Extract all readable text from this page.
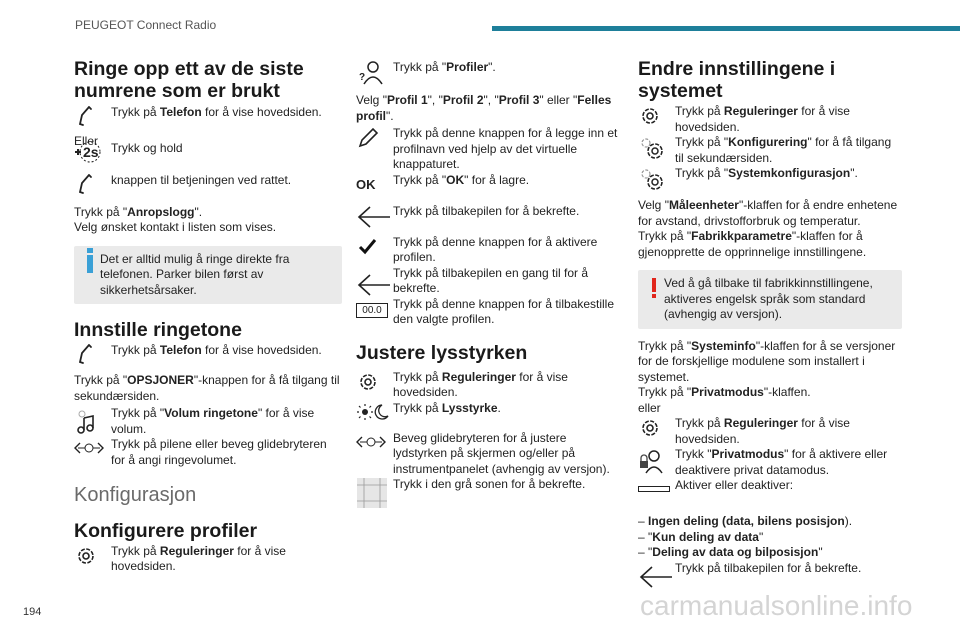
PEUGEOT Connect Radio
Ringe opp ett av de siste numrene som er brukt

Trykk på Telefon for å vise hovedsiden.

Eller

2s Trykk og hold

knappen til betjeningen ved rattet.

Trykk på "Anropslogg".

Velg ønsket kontakt i listen som vises.

Det er alltid mulig å ringe direkte fra telefonen. Parker bilen først av sikkerhetsårsaker.

Innstille ringetone

Trykk på Telefon for å vise hovedsiden.

Trykk på "OPSJONER"-knappen for å få tilgang til sekundærsiden.

Trykk på "Volum ringetone" for å vise volum.

Trykk på pilene eller beveg glidebryteren for å angi ringevolumet.

Konfigurasjon
Konfigurere profiler

Trykk på Reguleringer for å vise hovedsiden.

?

Trykk på "Profiler".

Velg "Profil 1", "Profil 2", "Profil 3" eller "Felles profil".

Trykk på denne knappen for å legge inn et profilnavn ved hjelp av det virtuelle knappaturet.

OK	Trykk på "OK" for å lagre.

Trykk på tilbakepilen for å bekrefte.

Trykk på denne knappen for å aktivere profilen.

Trykk på tilbakepilen en gang til for å bekrefte.

00.0 Trykk på denne knappen for å tilbakestille den valgte profilen.

Justere lysstyrken

Trykk på Reguleringer for å vise hovedsiden.

Trykk på Lysstyrke.

Beveg glidebryteren for å justere lydstyrken på skjermen og/eller på instrumentpanelet (avhengig av versjon).

Trykk i den grå sonen for å bekrefte.

Endre innstillingene i systemet

Trykk på Reguleringer for å vise hovedsiden.

Trykk på "Konfigurering" for å få tilgang til sekundærsiden.

Trykk på "Systemkonfigurasjon".

Velg "Måleenheter"-klaffen for å endre enhetene for avstand, drivstofforbruk og temperatur.

Trykk på "Fabrikkparametre"-klaffen for å gjenopprette de opprinnelige innstillingene.

Ved å gå tilbake til fabrikkinnstillingene, aktiveres engelsk språk som standard (avhengig av versjon).

Trykk på "Systeminfo"-klaffen for å se versjoner for de forskjellige modulene som installert i systemet.

Trykk på "Privatmodus"-klaffen.

eller

Trykk på Reguleringer for å vise hovedsiden.

Trykk "Privatmodus" for å aktivere eller deaktivere privat datamodus.

Aktiver eller deaktiver:

– Ingen deling (data, bilens posisjon).

– "Kun deling av data"

– "Deling av data og bilposisjon"

Trykk på tilbakepilen for å bekrefte.

194	carmanualsonline.info
